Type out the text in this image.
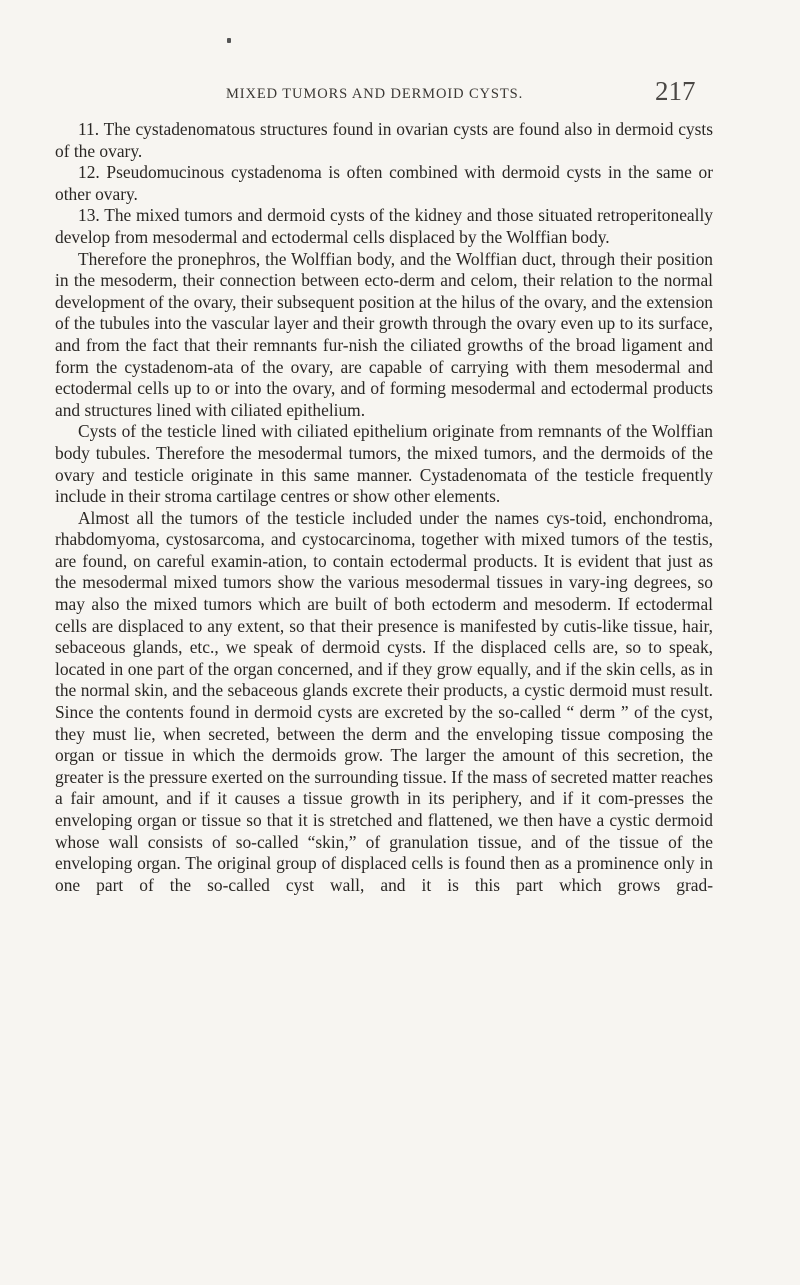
MIXED TUMORS AND DERMOID CYSTS.	217

11. The cystadenomatous structures found in ovarian cysts are found also in dermoid cysts of the ovary.

12. Pseudomucinous cystadenoma is often combined with dermoid cysts in the same or other ovary.

13. The mixed tumors and dermoid cysts of the kidney and those situated retroperitoneally develop from mesodermal and ectodermal cells displaced by the Wolffian body.

Therefore the pronephros, the Wolffian body, and the Wolffian duct, through their position in the mesoderm, their connection between ecto-derm and celom, their relation to the normal development of the ovary, their subsequent position at the hilus of the ovary, and the extension of the tubules into the vascular layer and their growth through the ovary even up to its surface, and from the fact that their remnants fur-nish the ciliated growths of the broad ligament and form the cystadenom-ata of the ovary, are capable of carrying with them mesodermal and ectodermal cells up to or into the ovary, and of forming mesodermal and ectodermal products and structures lined with ciliated epithelium.

Cysts of the testicle lined with ciliated epithelium originate from remnants of the Wolffian body tubules. Therefore the mesodermal tumors, the mixed tumors, and the dermoids of the ovary and testicle originate in this same manner. Cystadenomata of the testicle frequently include in their stroma cartilage centres or show other elements.

Almost all the tumors of the testicle included under the names cys-toid, enchondroma, rhabdomyoma, cystosarcoma, and cystocarcinoma, together with mixed tumors of the testis, are found, on careful examin-ation, to contain ectodermal products. It is evident that just as the mesodermal mixed tumors show the various mesodermal tissues in vary-ing degrees, so may also the mixed tumors which are built of both ectoderm and mesoderm. If ectodermal cells are displaced to any extent, so that their presence is manifested by cutis-like tissue, hair, sebaceous glands, etc., we speak of dermoid cysts. If the displaced cells are, so to speak, located in one part of the organ concerned, and if they grow equally, and if the skin cells, as in the normal skin, and the sebaceous glands excrete their products, a cystic dermoid must result. Since the contents found in dermoid cysts are excreted by the so-called “ derm ” of the cyst, they must lie, when secreted, between the derm and the enveloping tissue composing the organ or tissue in which the dermoids grow. The larger the amount of this secretion, the greater is the pressure exerted on the surrounding tissue. If the mass of secreted matter reaches a fair amount, and if it causes a tissue growth in its periphery, and if it com-presses the enveloping organ or tissue so that it is stretched and flattened, we then have a cystic dermoid whose wall consists of so-called “skin,” of granulation tissue, and of the tissue of the enveloping organ. The original group of displaced cells is found then as a prominence only in one part of the so-called cyst wall, and it is this part which grows grad-
